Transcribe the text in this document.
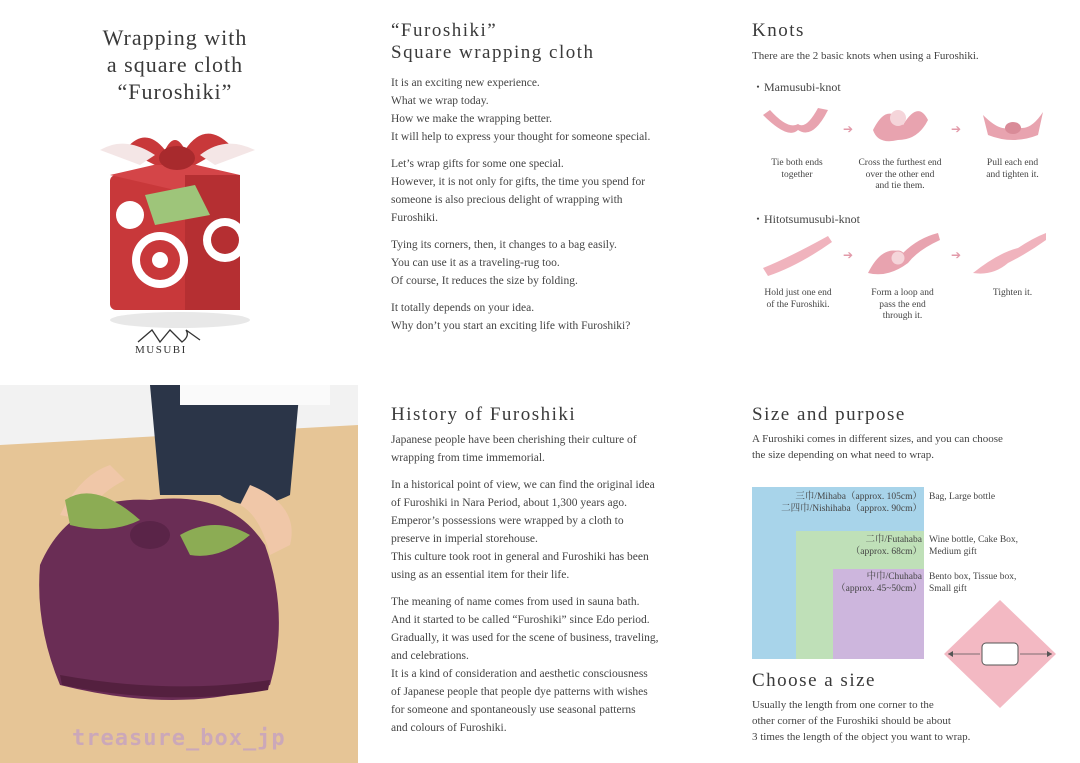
Wrapping with
a square cloth
“Furoshiki”
MUSUBI
“Furoshiki”
Square wrapping cloth

It is an exciting new experience.
What we wrap today.
How we make the wrapping better.
It will help to express your thought for someone special.

Let’s wrap gifts for some one special.
However, it is not only for gifts, the time you spend for
someone is also precious delight of wrapping with
Furoshiki.

Tying its corners, then, it changes to a bag easily.
You can use it as a traveling-rug too.
Of course, It reduces the size by folding.

It totally depends on your idea.
Why don’t you start an exciting life with Furoshiki?

Knots
There are the 2 basic knots when using a Furoshiki.
・Mamusubi-knot
➔	➔
Tie both ends
together
Cross the furthest end
over the other end
and tie them.
Pull each end
and tighten it.
・Hitotsumusubi-knot
➔	➔
Hold just one end
of the Furoshiki.
Form a loop and
pass the end
through it.
Tighten it.
treasure_box_jp
History of Furoshiki

Japanese people have been cherishing their culture of
wrapping from time immemorial.

In a historical point of view, we can find the original idea
of Furoshiki in Nara Period, about 1,300 years ago.
Emperor’s possessions were wrapped by a cloth to
preserve in imperial storehouse.
This culture took root in general and Furoshiki has been
using as an essential item for their life.

The meaning of name comes from used in sauna bath.
And it started to be called “Furoshiki” since Edo period.
Gradually, it was used for the scene of business, traveling,
and celebrations.
It is a kind of consideration and aesthetic consciousness
of Japanese people that people dye patterns with wishes
for someone and spontaneously use seasonal patterns
and colours of Furoshiki.

Size and purpose
A Furoshiki comes in different sizes, and you can choose
the size depending on what need to wrap.
三巾/Mihaba（approx. 105cm）
二四巾/Nishihaba（approx. 90cm）
二巾/Futahaba
（approx. 68cm）
中巾/Chuhaba
（approx. 45~50cm）
Bag, Large bottle
Wine bottle, Cake Box,
Medium gift
Bento box, Tissue box,
Small gift
Choose a size
Usually the length from one corner to the
other corner of the Furoshiki should be about
3 times the length of the object you want to wrap.
